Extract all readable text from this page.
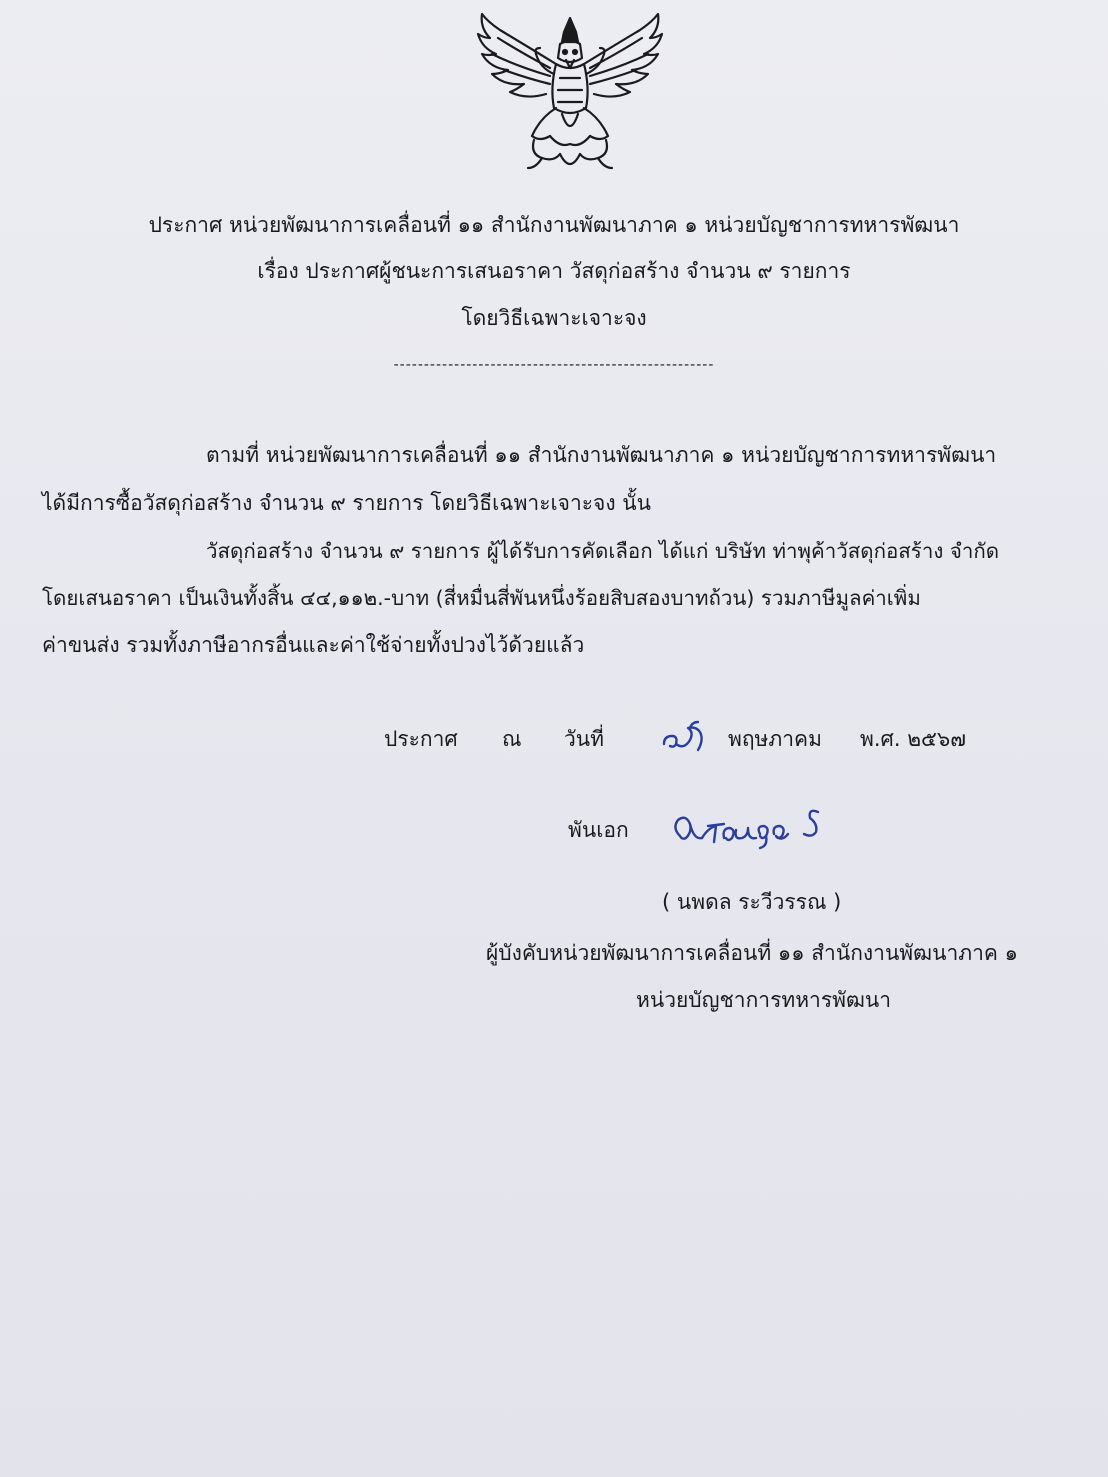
ประกาศ หน่วยพัฒนาการเคลื่อนที่ ๑๑ สำนักงานพัฒนาภาค ๑ หน่วยบัญชาการทหารพัฒนา
เรื่อง ประกาศผู้ชนะการเสนอราคา วัสดุก่อสร้าง จำนวน ๙ รายการ
โดยวิธีเฉพาะเจาะจง
-----------------------------------------------------
ตามที่ หน่วยพัฒนาการเคลื่อนที่ ๑๑ สำนักงานพัฒนาภาค ๑ หน่วยบัญชาการทหารพัฒนา
ได้มีการซื้อวัสดุก่อสร้าง จำนวน ๙ รายการ โดยวิธีเฉพาะเจาะจง นั้น
วัสดุก่อสร้าง จำนวน ๙ รายการ ผู้ได้รับการคัดเลือก ได้แก่ บริษัท ท่าพุค้าวัสดุก่อสร้าง จำกัด
โดยเสนอราคา เป็นเงินทั้งสิ้น ๔๔,๑๑๒.-บาท (สี่หมื่นสี่พันหนึ่งร้อยสิบสองบาทถ้วน) รวมภาษีมูลค่าเพิ่ม
ค่าขนส่ง รวมทั้งภาษีอากรอื่นและค่าใช้จ่ายทั้งปวงไว้ด้วยแล้ว
ประกาศ ณ วันที่	พฤษภาคม พ.ศ. ๒๕๖๗
พันเอก
( นพดล ระวีวรรณ )
ผู้บังคับหน่วยพัฒนาการเคลื่อนที่ ๑๑ สำนักงานพัฒนาภาค ๑
หน่วยบัญชาการทหารพัฒนา
